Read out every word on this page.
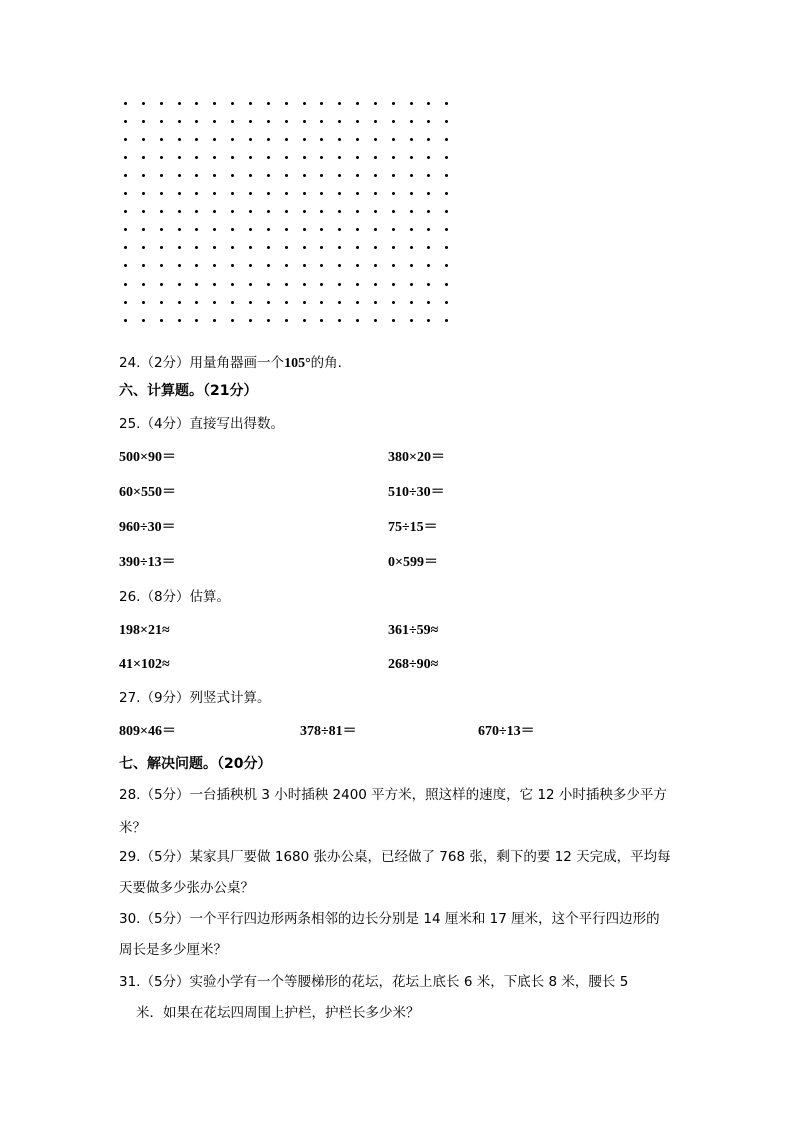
24.（2分）用量角器画一个105°的角.
六、计算题。（21分）
25.（4分）直接写出得数。
500×90＝	380×20＝
60×550＝	510÷30＝
960÷30＝	75÷15＝
390÷13＝	0×599＝
26.（8分）估算。
198×21≈	361÷59≈
41×102≈	268÷90≈
27.（9分）列竖式计算。
809×46＝	378÷81＝	670÷13＝
七、解决问题。（20分）
28.（5分）一台插秧机 3 小时插秧 2400 平方米，照这样的速度，它 12 小时插秧多少平方
米？
29.（5分）某家具厂要做 1680 张办公桌，已经做了 768 张，剩下的要 12 天完成，平均每
天要做多少张办公桌？
30.（5分）一个平行四边形两条相邻的边长分别是 14 厘米和 17 厘米，这个平行四边形的
周长是多少厘米？
31.（5分）实验小学有一个等腰梯形的花坛，花坛上底长 6 米，下底长 8 米，腰长 5
米．如果在花坛四周围上护栏，护栏长多少米？
